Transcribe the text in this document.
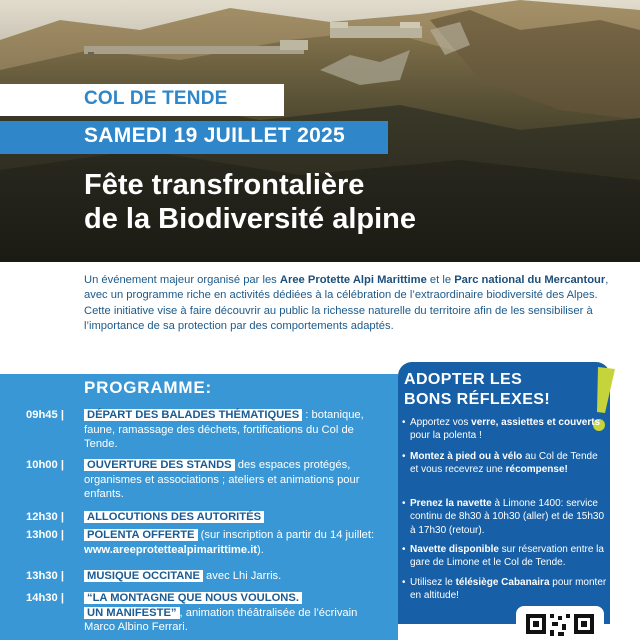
COL DE TENDE
SAMEDI 19 JUILLET 2025
Fête transfrontalière
de la Biodiversité alpine

Un événement majeur organisé par les Aree Protette Alpi Marittime et le Parc national du Mercantour, avec un programme riche en activités dédiées à la célébration de l’extraordinaire biodiversité des Alpes.

Cette initiative vise à faire découvrir au public la richesse naturelle du territoire afin de les sensibiliser à l’importance de sa protection par des comportements adaptés.

PROGRAMME:
09h45 |	DÉPART DES BALADES THÉMATIQUES : botanique, faune, ramassage des déchets, fortifications du Col de Tende.
10h00 |	OUVERTURE DES STANDS des espaces protégés, organismes et associations ; ateliers et animations pour enfants.
12h30 |	ALLOCUTIONS DES AUTORITÉS
13h00 |	POLENTA OFFERTE (sur inscription à partir du 14 juillet: www.areeprotettealpimarittime.it).
13h30 |	MUSIQUE OCCITANE avec Lhi Jarris.
14h30 |	“LA MONTAGNE QUE NOUS VOULONS.
UN MANIFESTE” , animation théâtralisée de l’écrivain Marco Albino Ferrari.
ADOPTER LES
BONS RÉFLEXES!
• Apportez vos verre, assiettes et couverts pour la polenta !
• Montez à pied ou à vélo au Col de Tende et vous recevrez une récompense!
• Prenez la navette à Limone 1400: service continu de 8h30 à 10h30 (aller) et de 15h30 à 17h30 (retour).
• Navette disponible sur réservation entre la gare de Limone et le Col de Tende.
• Utilisez le télésiège Cabanaira pour monter en altitude!
